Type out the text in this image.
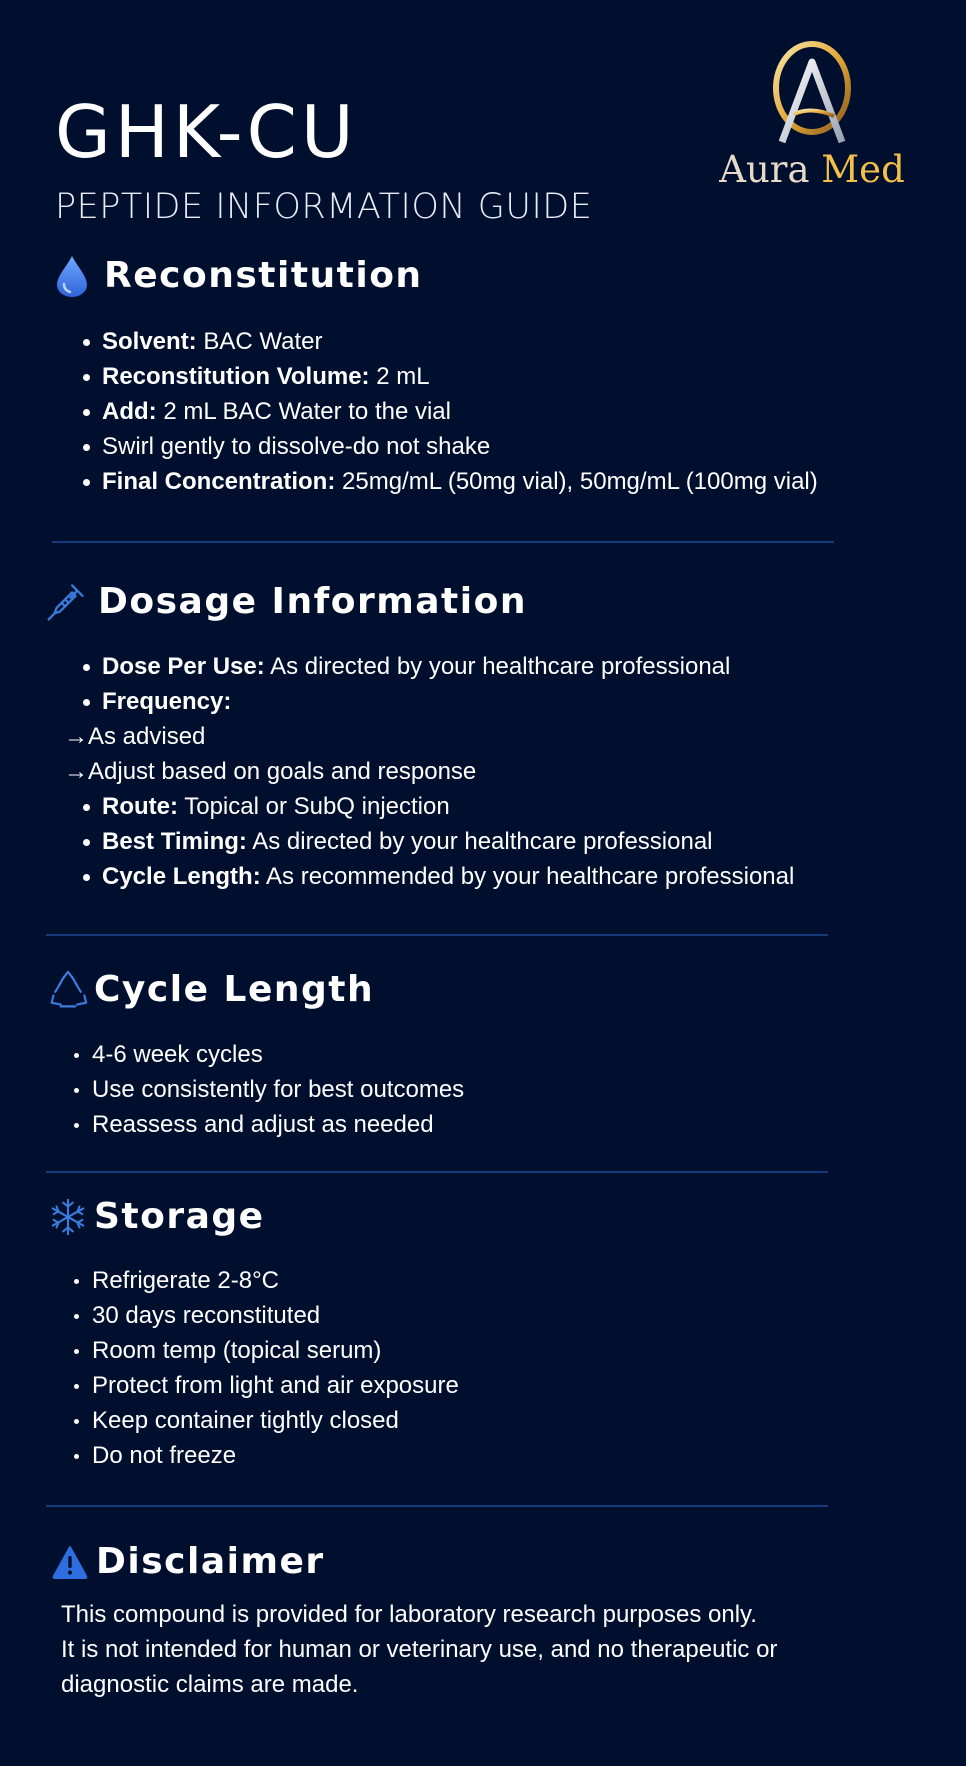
GHK-CU
PEPTIDE INFORMATION GUIDE
Aura Med
Reconstitution
Solvent: BAC Water
Reconstitution Volume: 2 mL
Add: 2 mL BAC Water to the vial
Swirl gently to dissolve-do not shake
Final Concentration: 25mg/mL (50mg vial), 50mg/mL (100mg vial)
Dosage Information
Dose Per Use: As directed by your healthcare professional
Frequency:
→As advised
→Adjust based on goals and response
Route: Topical or SubQ injection
Best Timing: As directed by your healthcare professional
Cycle Length: As recommended by your healthcare professional
Cycle Length
4-6 week cycles
Use consistently for best outcomes
Reassess and adjust as needed
Storage
Refrigerate 2-8°C
30 days reconstituted
Room temp (topical serum)
Protect from light and air exposure
Keep container tightly closed
Do not freeze
Disclaimer

This compound is provided for laboratory research purposes only.
It is not intended for human or veterinary use, and no therapeutic or
diagnostic claims are made.
